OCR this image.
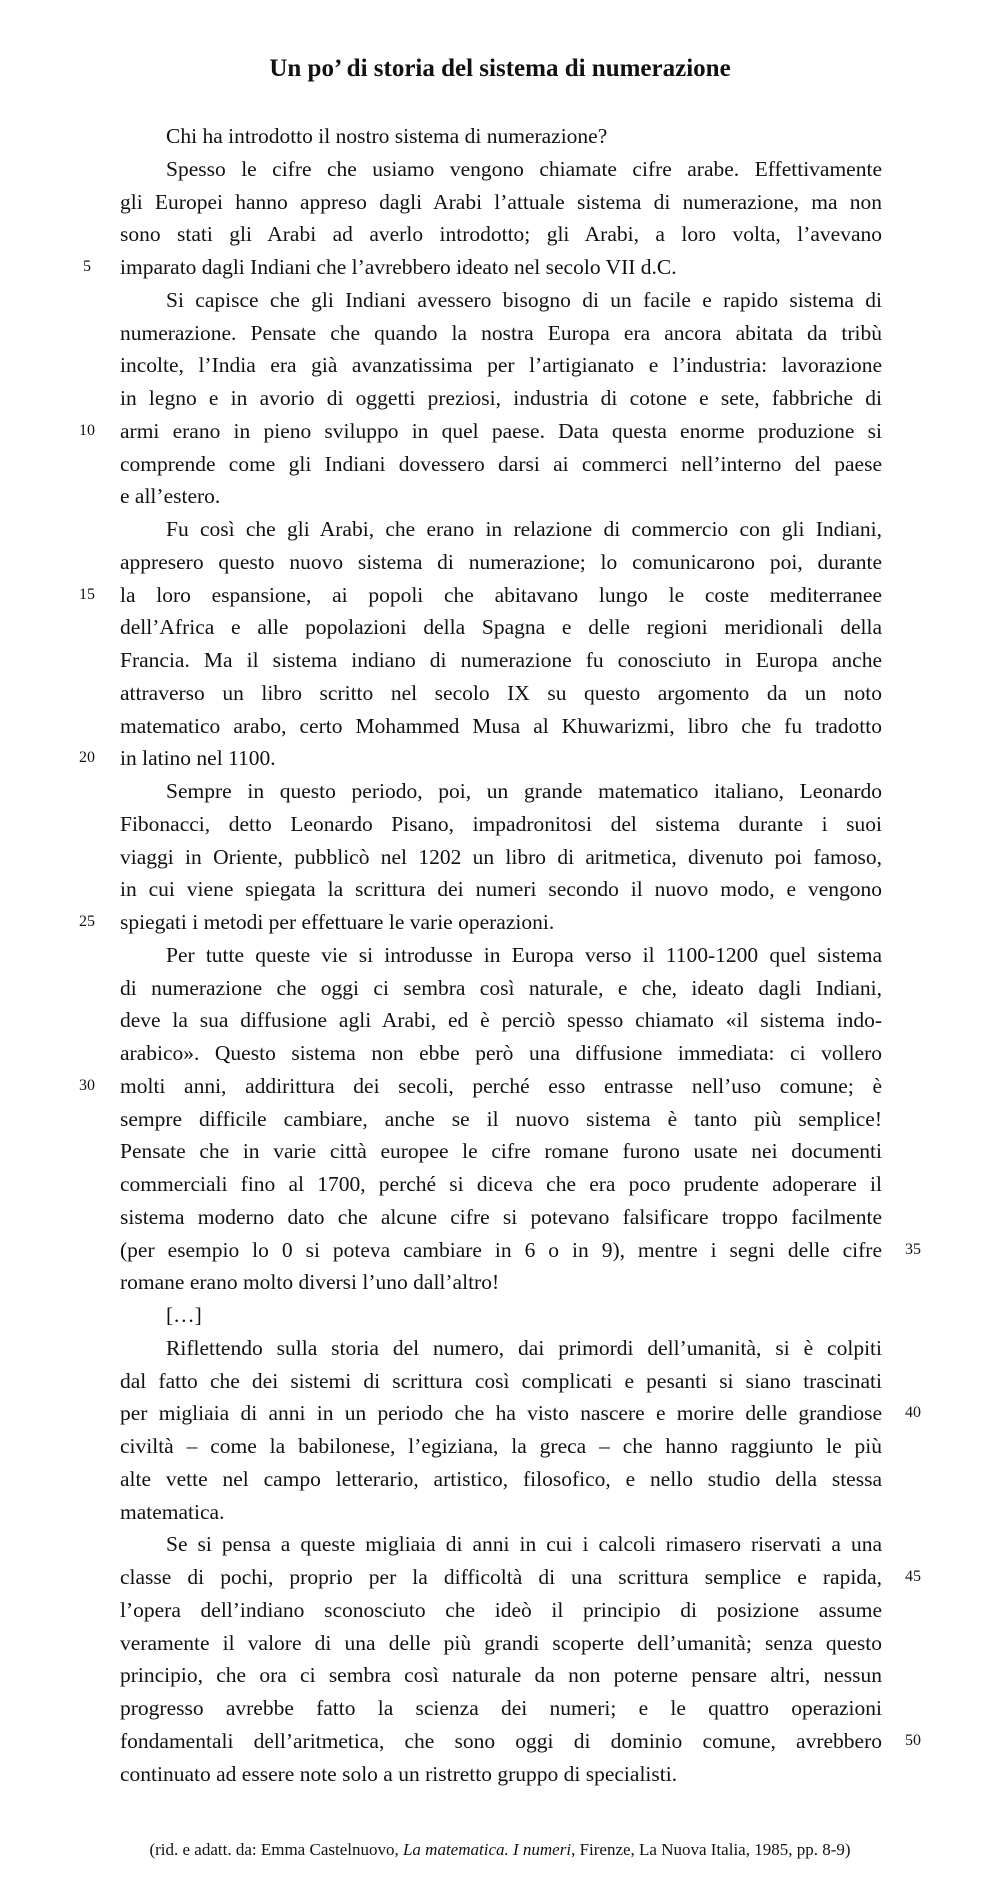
Un po’ di storia del sistema di numerazione
Chi ha introdotto il nostro sistema di numerazione?
Spesso le cifre che usiamo vengono chiamate cifre arabe. Effettivamente
gli Europei hanno appreso dagli Arabi l’attuale sistema di numerazione, ma non
sono stati gli Arabi ad averlo introdotto; gli Arabi, a loro volta, l’avevano
imparato dagli Indiani che l’avrebbero ideato nel secolo VII d.C.
Si capisce che gli Indiani avessero bisogno di un facile e rapido sistema di
numerazione. Pensate che quando la nostra Europa era ancora abitata da tribù
incolte, l’India era già avanzatissima per l’artigianato e l’industria: lavorazione
in legno e in avorio di oggetti preziosi, industria di cotone e sete, fabbriche di
armi erano in pieno sviluppo in quel paese. Data questa enorme produzione si
comprende come gli Indiani dovessero darsi ai commerci nell’interno del paese
e all’estero.
Fu così che gli Arabi, che erano in relazione di commercio con gli Indiani,
appresero questo nuovo sistema di numerazione; lo comunicarono poi, durante
la loro espansione, ai popoli che abitavano lungo le coste mediterranee
dell’Africa e alle popolazioni della Spagna e delle regioni meridionali della
Francia. Ma il sistema indiano di numerazione fu conosciuto in Europa anche
attraverso un libro scritto nel secolo IX su questo argomento da un noto
matematico arabo, certo Mohammed Musa al Khuwarizmi, libro che fu tradotto
in latino nel 1100.
Sempre in questo periodo, poi, un grande matematico italiano, Leonardo
Fibonacci, detto Leonardo Pisano, impadronitosi del sistema durante i suoi
viaggi in Oriente, pubblicò nel 1202 un libro di aritmetica, divenuto poi famoso,
in cui viene spiegata la scrittura dei numeri secondo il nuovo modo, e vengono
spiegati i metodi per effettuare le varie operazioni.
Per tutte queste vie si introdusse in Europa verso il 1100-1200 quel sistema
di numerazione che oggi ci sembra così naturale, e che, ideato dagli Indiani,
deve la sua diffusione agli Arabi, ed è perciò spesso chiamato «il sistema indo-
arabico». Questo sistema non ebbe però una diffusione immediata: ci vollero
molti anni, addirittura dei secoli, perché esso entrasse nell’uso comune; è
sempre difficile cambiare, anche se il nuovo sistema è tanto più semplice!
Pensate che in varie città europee le cifre romane furono usate nei documenti
commerciali fino al 1700, perché si diceva che era poco prudente adoperare il
sistema moderno dato che alcune cifre si potevano falsificare troppo facilmente
(per esempio lo 0 si poteva cambiare in 6 o in 9), mentre i segni delle cifre
romane erano molto diversi l’uno dall’altro!
[…]
Riflettendo sulla storia del numero, dai primordi dell’umanità, si è colpiti
dal fatto che dei sistemi di scrittura così complicati e pesanti si siano trascinati
per migliaia di anni in un periodo che ha visto nascere e morire delle grandiose
civiltà – come la babilonese, l’egiziana, la greca – che hanno raggiunto le più
alte vette nel campo letterario, artistico, filosofico, e nello studio della stessa
matematica.
Se si pensa a queste migliaia di anni in cui i calcoli rimasero riservati a una
classe di pochi, proprio per la difficoltà di una scrittura semplice e rapida,
l’opera dell’indiano sconosciuto che ideò il principio di posizione assume
veramente il valore di una delle più grandi scoperte dell’umanità; senza questo
principio, che ora ci sembra così naturale da non poterne pensare altri, nessun
progresso avrebbe fatto la scienza dei numeri; e le quattro operazioni
fondamentali dell’aritmetica, che sono oggi di dominio comune, avrebbero
continuato ad essere note solo a un ristretto gruppo di specialisti.
5
10
15
20
25
30
35
40
45
50
(rid. e adatt. da: Emma Castelnuovo, La matematica. I numeri, Firenze, La Nuova Italia, 1985, pp. 8-9)
